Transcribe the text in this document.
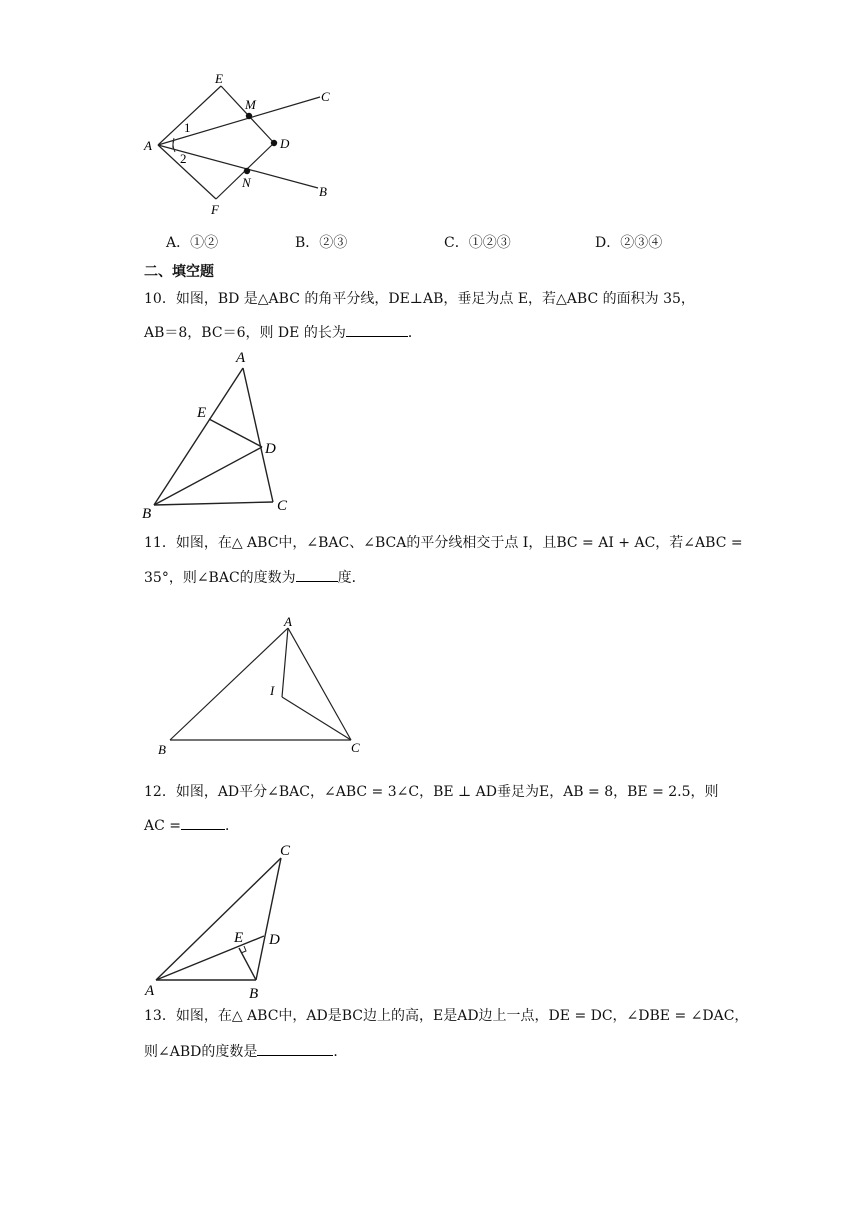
A
E
M
C
D
N
B
F
1
2
A．①②	B．②③	C．①②③	D．②③④
二、填空题
10．如图，BD 是△ABC 的角平分线，DE⊥AB，垂足为点 E，若△ABC 的面积为 35，
AB＝8，BC＝6，则 DE 的长为	．
A
E
D
B	C
11．如图，在△ ABC中，∠BAC、∠BCA的平分线相交于点 I，且BC = AI + AC，若∠ABC =
35°，则∠BAC的度数为	度．
A
I
B	C
12．如图，AD平分∠BAC，∠ABC = 3∠C，BE ⊥ AD垂足为E，AB = 8，BE = 2.5，则
AC =	．
C
E D
A	B
13．如图，在△ ABC中，AD是BC边上的高，E是AD边上一点，DE = DC，∠DBE = ∠DAC，
则∠ABD的度数是	．
